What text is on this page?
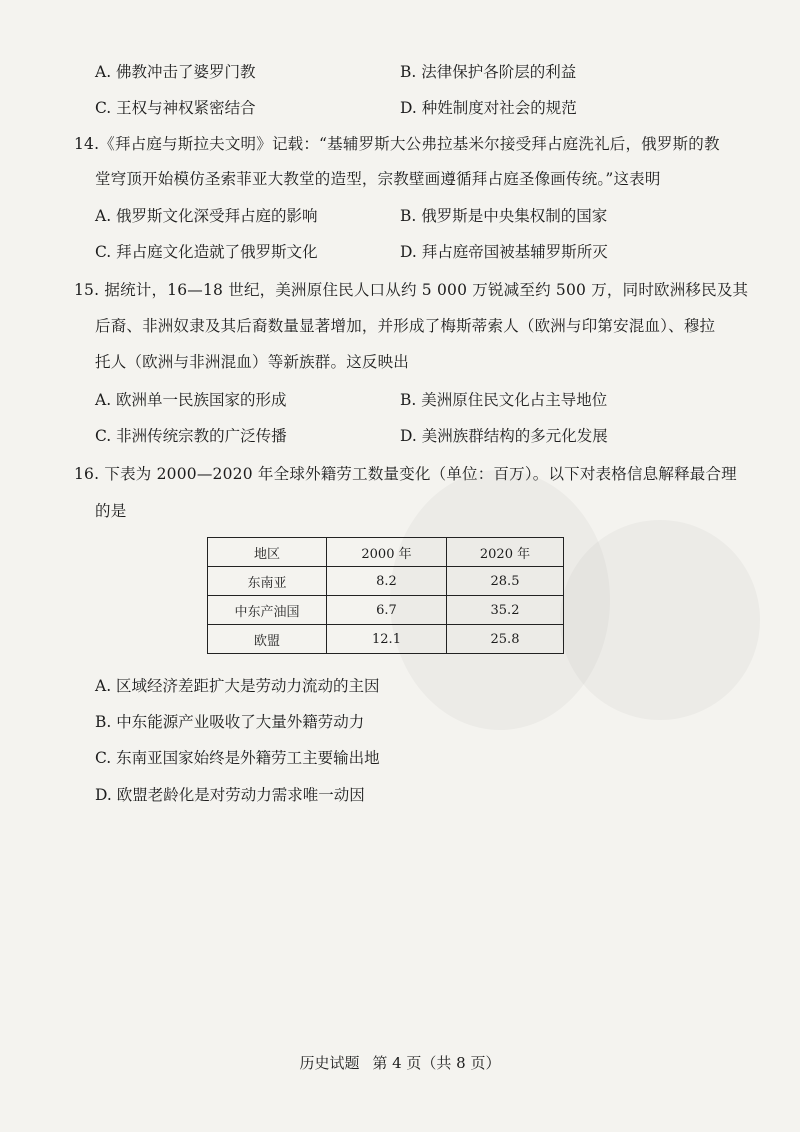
A. 佛教冲击了婆罗门教	B. 法律保护各阶层的利益
C. 王权与神权紧密结合	D. 种姓制度对社会的规范
14.《拜占庭与斯拉夫文明》记载：“基辅罗斯大公弗拉基米尔接受拜占庭洗礼后，俄罗斯的教
堂穹顶开始模仿圣索菲亚大教堂的造型，宗教壁画遵循拜占庭圣像画传统。”这表明
A. 俄罗斯文化深受拜占庭的影响	B. 俄罗斯是中央集权制的国家
C. 拜占庭文化造就了俄罗斯文化	D. 拜占庭帝国被基辅罗斯所灭
15. 据统计，16—18 世纪，美洲原住民人口从约 5 000 万锐减至约 500 万，同时欧洲移民及其
后裔、非洲奴隶及其后裔数量显著增加，并形成了梅斯蒂索人（欧洲与印第安混血）、穆拉
托人（欧洲与非洲混血）等新族群。这反映出
A. 欧洲单一民族国家的形成	B. 美洲原住民文化占主导地位
C. 非洲传统宗教的广泛传播	D. 美洲族群结构的多元化发展
16. 下表为 2000—2020 年全球外籍劳工数量变化（单位：百万）。以下对表格信息解释最合理
的是
地区	2000 年	2020 年
东南亚	8.2	28.5
中东产油国	6.7	35.2
欧盟	12.1	25.8
A. 区域经济差距扩大是劳动力流动的主因
B. 中东能源产业吸收了大量外籍劳动力
C. 东南亚国家始终是外籍劳工主要输出地
D. 欧盟老龄化是对劳动力需求唯一动因
历史试题 第 4 页（共 8 页）
